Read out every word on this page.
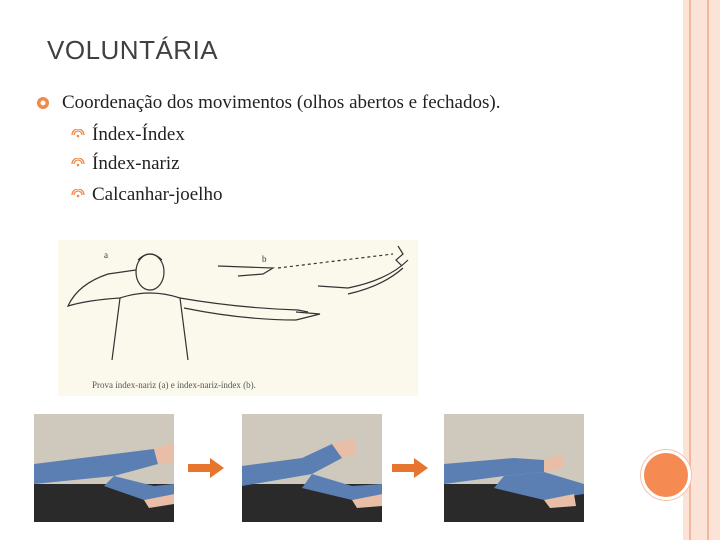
VOLUNTÁRIA
Coordenação dos movimentos (olhos abertos e fechados).
Índex-Índex
Índex-nariz
Calcanhar-joelho
a	b
Prova índex-nariz (a) e índex-nariz-índex (b).
